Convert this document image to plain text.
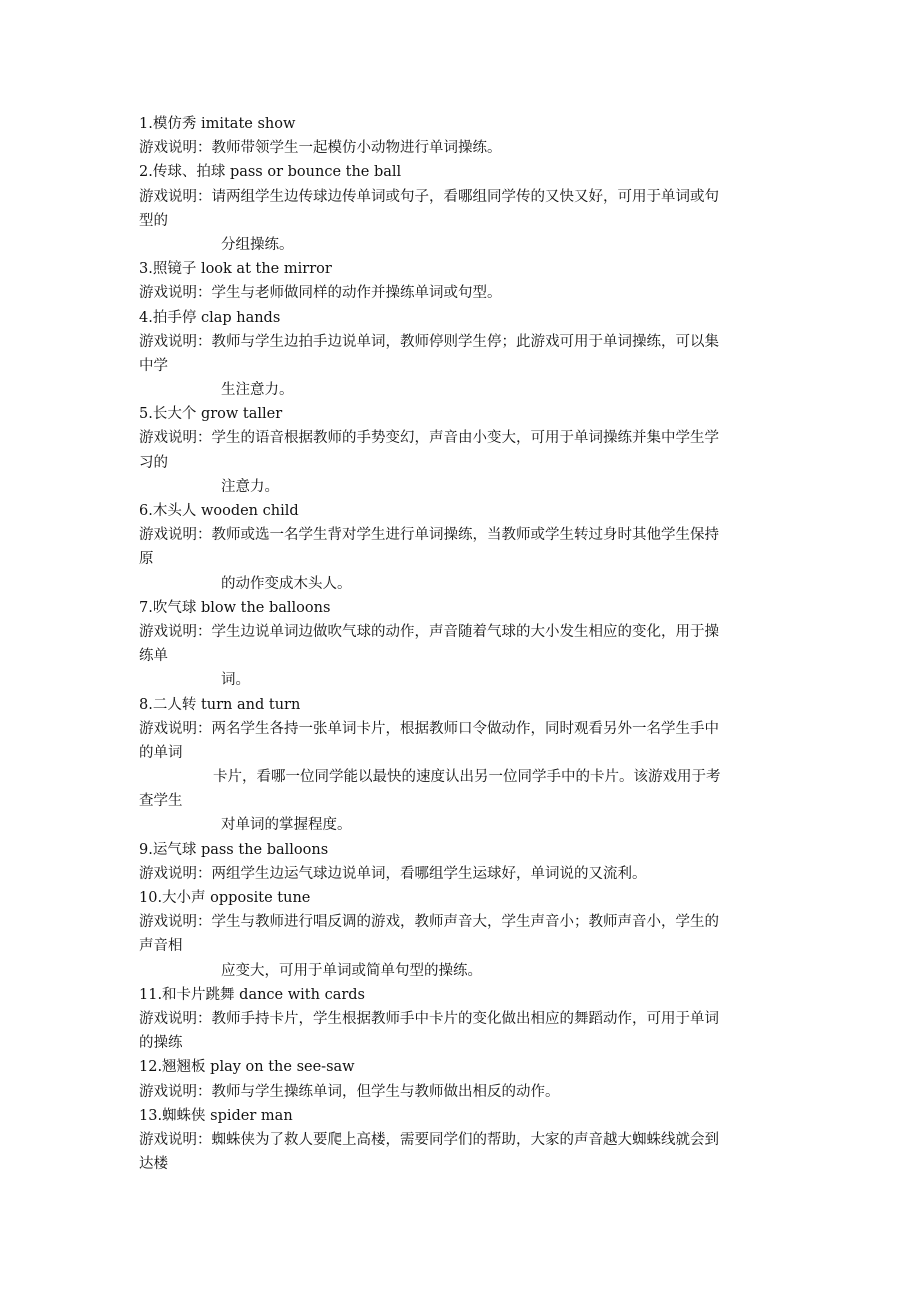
1.模仿秀 imitate show
游戏说明：教师带领学生一起模仿小动物进行单词操练。
2.传球、拍球 pass or bounce the ball
游戏说明：请两组学生边传球边传单词或句子，看哪组同学传的又快又好，可用于单词或句
型的
分组操练。
3.照镜子 look at the mirror
游戏说明：学生与老师做同样的动作并操练单词或句型。
4.拍手停 clap hands
游戏说明：教师与学生边拍手边说单词，教师停则学生停；此游戏可用于单词操练，可以集
中学
生注意力。
5.长大个 grow taller
游戏说明：学生的语音根据教师的手势变幻，声音由小变大，可用于单词操练并集中学生学
习的
注意力。
6.木头人 wooden child
游戏说明：教师或选一名学生背对学生进行单词操练，当教师或学生转过身时其他学生保持
原
的动作变成木头人。
7.吹气球 blow the balloons
游戏说明：学生边说单词边做吹气球的动作，声音随着气球的大小发生相应的变化，用于操
练单
词。
8.二人转 turn and turn
游戏说明：两名学生各持一张单词卡片，根据教师口令做动作，同时观看另外一名学生手中
的单词
卡片，看哪一位同学能以最快的速度认出另一位同学手中的卡片。该游戏用于考
查学生
对单词的掌握程度。
9.运气球 pass the balloons
游戏说明：两组学生边运气球边说单词，看哪组学生运球好，单词说的又流利。
10.大小声 opposite tune
游戏说明：学生与教师进行唱反调的游戏，教师声音大，学生声音小；教师声音小，学生的
声音相
应变大，可用于单词或简单句型的操练。
11.和卡片跳舞 dance with cards
游戏说明：教师手持卡片，学生根据教师手中卡片的变化做出相应的舞蹈动作，可用于单词
的操练
12.翘翘板 play on the see-saw
游戏说明：教师与学生操练单词，但学生与教师做出相反的动作。
13.蜘蛛侠 spider man
游戏说明：蜘蛛侠为了救人要爬上高楼，需要同学们的帮助，大家的声音越大蜘蛛线就会到
达楼
